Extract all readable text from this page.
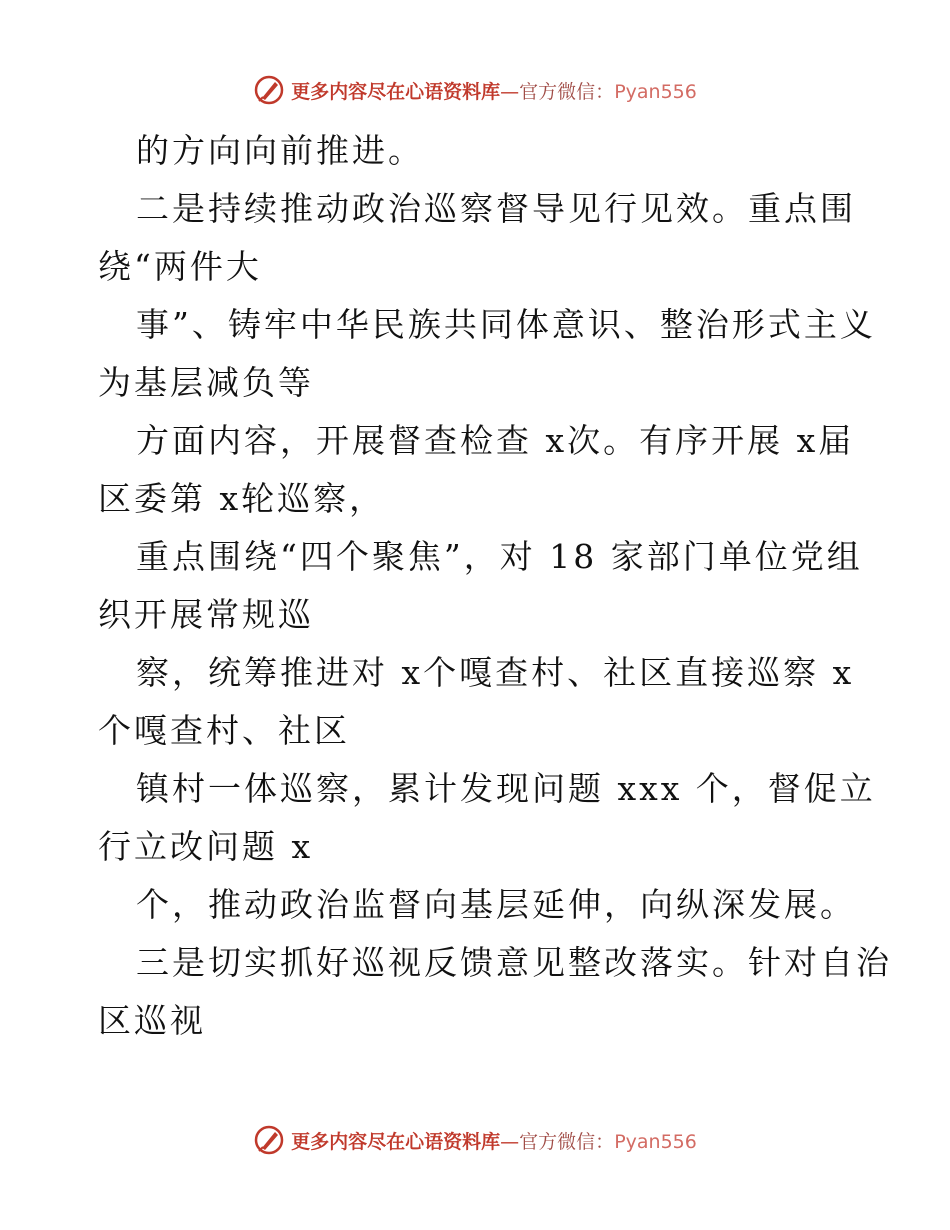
更多内容尽在心语资料库—官方微信：Pyan556
的方向向前推进。
二是持续推动政治巡察督导见行见效。重点围
绕“两件大
事”、铸牢中华民族共同体意识、整治形式主义
为基层减负等
方面内容，开展督查检查 x次。有序开展 x届
区委第 x轮巡察，
重点围绕“四个聚焦”，对 18 家部门单位党组
织开展常规巡
察，统筹推进对 x个嘎查村、社区直接巡察 x
个嘎查村、社区
镇村一体巡察，累计发现问题 xxx 个，督促立
行立改问题 x
个，推动政治监督向基层延伸，向纵深发展。
三是切实抓好巡视反馈意见整改落实。针对自治
区巡视
更多内容尽在心语资料库—官方微信：Pyan556
